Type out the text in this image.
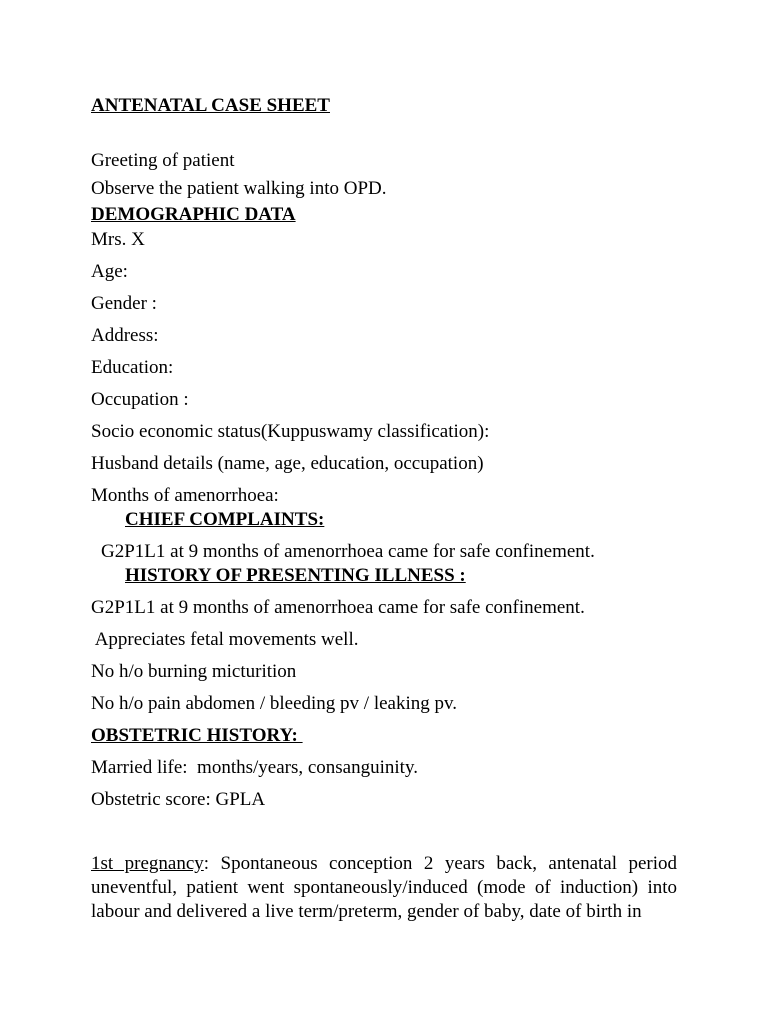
ANTENATAL CASE SHEET
Greeting of patient
Observe the patient walking into OPD.
DEMOGRAPHIC DATA
Mrs. X
Age:
Gender :
Address:
Education:
Occupation :
Socio economic status(Kuppuswamy classification):
Husband details (name, age, education, occupation)
Months of amenorrhoea:
CHIEF COMPLAINTS:
G2P1L1 at 9 months of amenorrhoea came for safe confinement.
HISTORY OF PRESENTING ILLNESS :
G2P1L1 at 9 months of amenorrhoea came for safe confinement.
Appreciates fetal movements well.
No h/o burning micturition
No h/o pain abdomen / bleeding pv / leaking pv.
OBSTETRIC HISTORY:
Married life:  months/years, consanguinity.
Obstetric score: GPLA
1st pregnancy: Spontaneous conception 2 years back, antenatal period uneventful, patient went spontaneously/induced (mode of induction) into labour and delivered a live term/preterm, gender of baby, date of birth in
